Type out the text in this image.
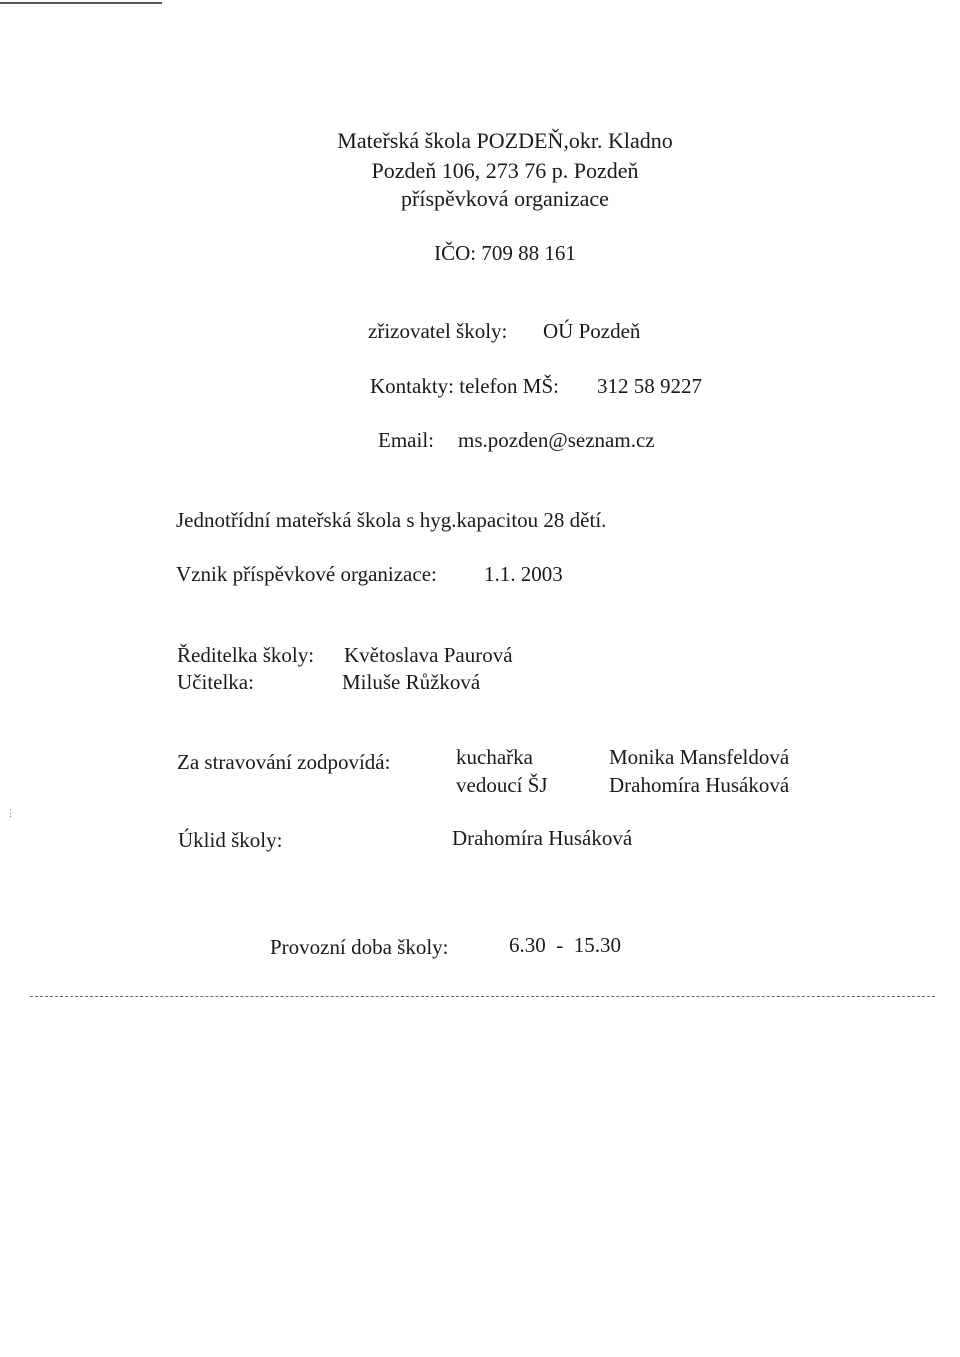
⋮
Mateřská škola POZDEŇ,okr. Kladno
Pozdeň 106, 273 76 p. Pozdeň
příspěvková organizace
IČO: 709 88 161
zřizovatel školy: OÚ Pozdeň
Kontakty: telefon MŠ: 312 58 9227
Email: ms.pozden@seznam.cz
Jednotřídní mateřská škola s hyg.kapacitou 28 dětí.
Vznik příspěvkové organizace: 1.1. 2003
Ředitelka školy: Květoslava Paurová
Učitelka:	Miluše Růžková
Za stravování zodpovídá:	kuchařka	Monika Mansfeldová
vedoucí ŠJ	Drahomíra Husáková
Úklid školy:	Drahomíra Husáková
Provozní doba školy:	6.30  -  15.30
